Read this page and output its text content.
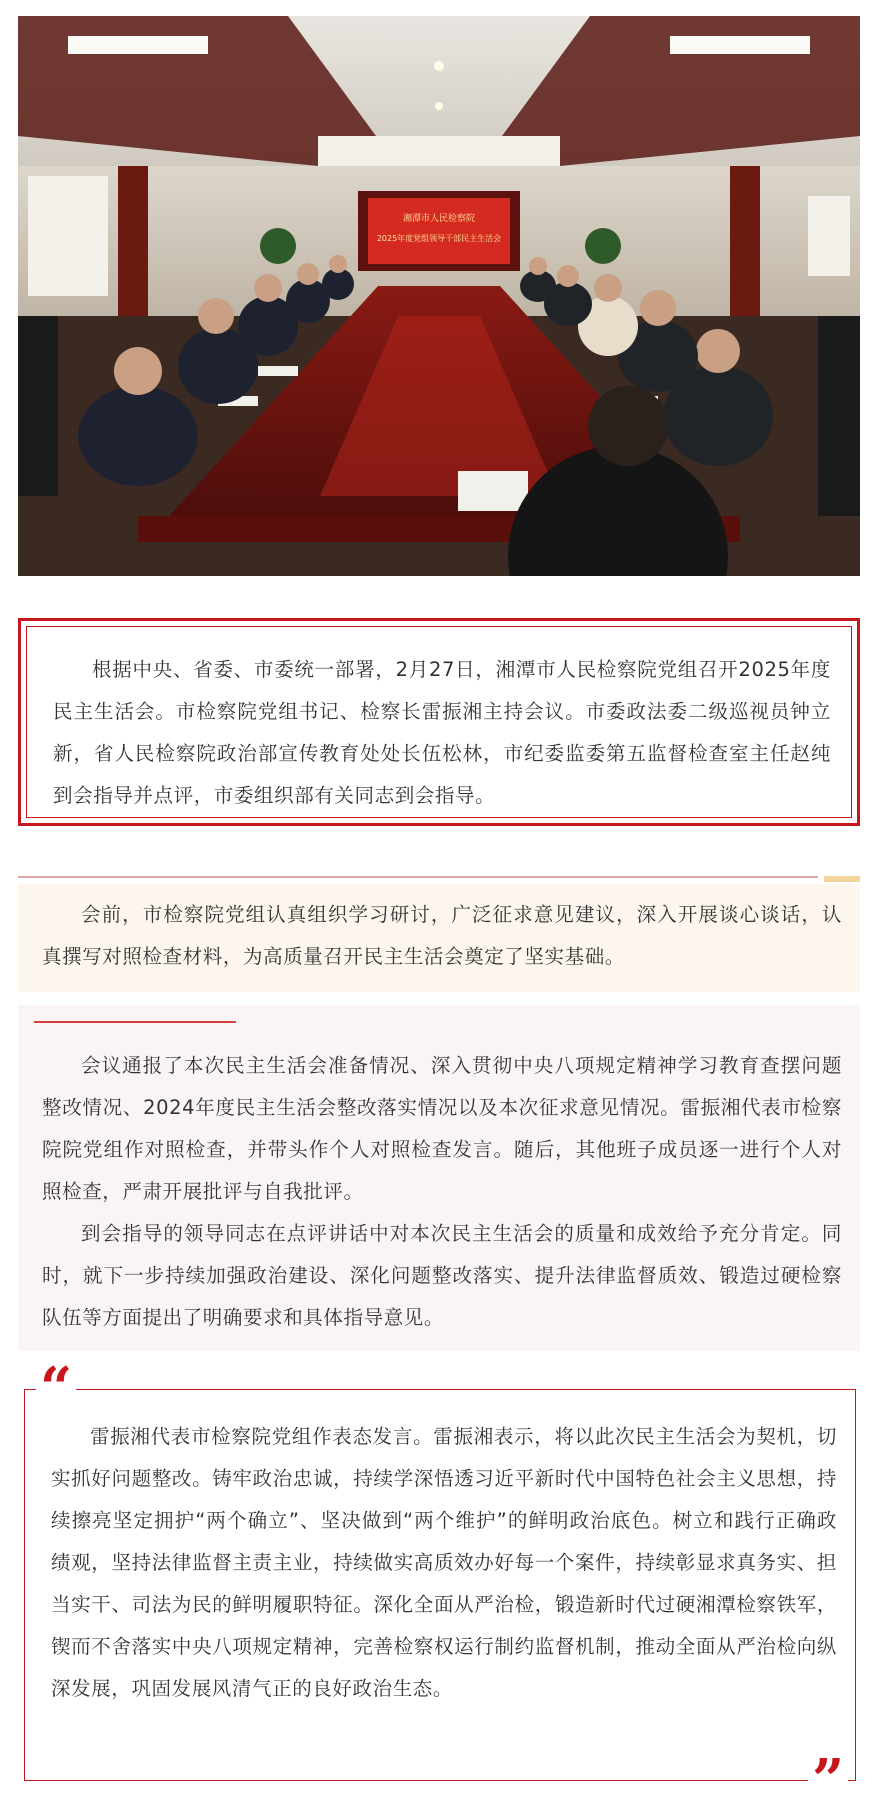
湘潭市人民检察院
2025年度党组领导干部民主生活会

根据中央、省委、市委统一部署，2月27日，湘潭市人民检察院党组召开2025年度民主生活会。市检察院党组书记、检察长雷振湘主持会议。市委政法委二级巡视员钟立新，省人民检察院政治部宣传教育处处长伍松林，市纪委监委第五监督检查室主任赵纯到会指导并点评，市委组织部有关同志到会指导。

会前，市检察院党组认真组织学习研讨，广泛征求意见建议，深入开展谈心谈话，认真撰写对照检查材料，为高质量召开民主生活会奠定了坚实基础。

会议通报了本次民主生活会准备情况、深入贯彻中央八项规定精神学习教育查摆问题整改情况、2024年度民主生活会整改落实情况以及本次征求意见情况。雷振湘代表市检察院院党组作对照检查，并带头作个人对照检查发言。随后，其他班子成员逐一进行个人对照检查，严肃开展批评与自我批评。

到会指导的领导同志在点评讲话中对本次民主生活会的质量和成效给予充分肯定。同时，就下一步持续加强政治建设、深化问题整改落实、提升法律监督质效、锻造过硬检察队伍等方面提出了明确要求和具体指导意见。

雷振湘代表市检察院党组作表态发言。雷振湘表示，将以此次民主生活会为契机，切实抓好问题整改。铸牢政治忠诚，持续学深悟透习近平新时代中国特色社会主义思想，持续擦亮坚定拥护“两个确立”、坚决做到“两个维护”的鲜明政治底色。树立和践行正确政绩观，坚持法律监督主责主业，持续做实高质效办好每一个案件，持续彰显求真务实、担当实干、司法为民的鲜明履职特征。深化全面从严治检，锻造新时代过硬湘潭检察铁军，锲而不舍落实中央八项规定精神，完善检察权运行制约监督机制，推动全面从严治检向纵深发展，巩固发展风清气正的良好政治生态。

“
”
